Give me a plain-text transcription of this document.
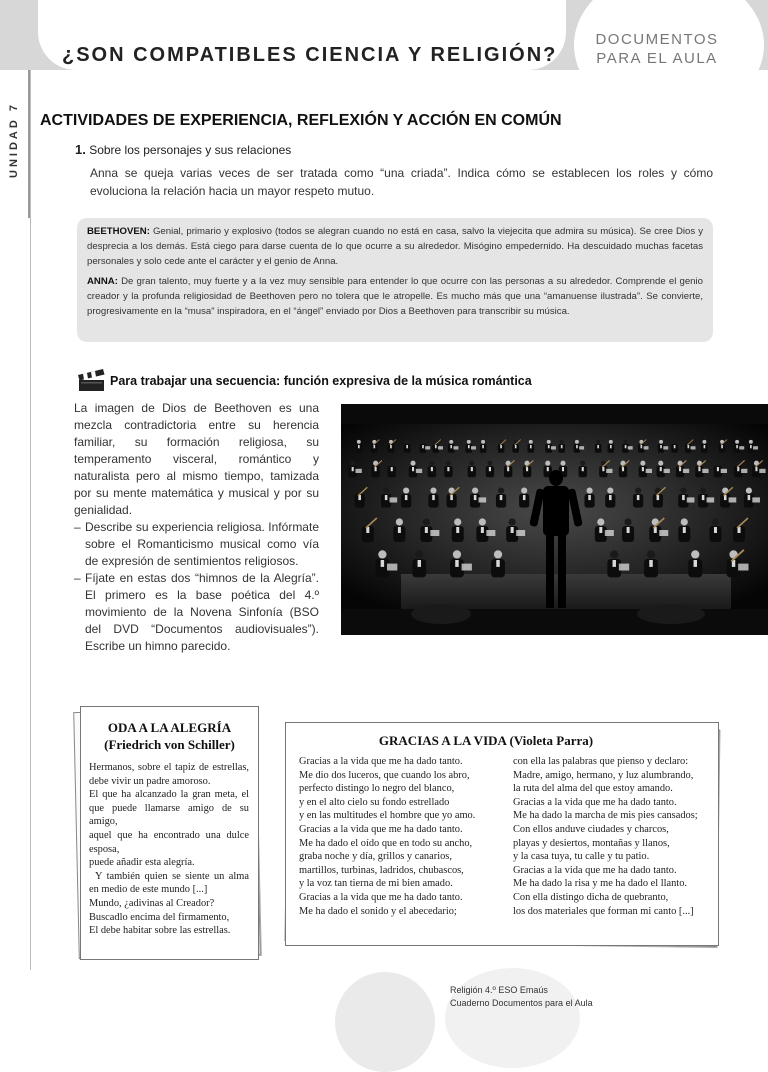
¿SON COMPATIBLES CIENCIA Y RELIGIÓN?
DOCUMENTOS
PARA EL AULA
UNIDAD 7 ACTIVIDADES DE EXPERIENCIA, REFLEXIÓN Y ACCIÓN EN COMÚN
1. Sobre los personajes y sus relaciones
Anna se queja varias veces de ser tratada como “una criada”. Indica cómo se establecen los roles y cómo evoluciona la relación hacia un mayor respeto mutuo.

BEETHOVEN: Genial, primario y explosivo (todos se alegran cuando no está en casa, salvo la viejecita que admira su música). Se cree Dios y desprecia a los demás. Está ciego para darse cuenta de lo que ocurre a su alrededor. Misógino empedernido. Ha descuidado muchas facetas personales y solo cede ante el carácter y el genio de Anna.

ANNA: De gran talento, muy fuerte y a la vez muy sensible para entender lo que ocurre con las personas a su alrededor. Comprende el genio creador y la profunda religiosidad de Beethoven pero no tolera que le atropelle. Es mucho más que una “amanuense ilustrada”. Se convierte, progresivamente en la “musa” inspiradora, en el “ángel” enviado por Dios a Beethoven para transcribir su música.

Para trabajar una secuencia: función expresiva de la música romántica

La imagen de Dios de Beethoven es una mezcla contradictoria entre su herencia familiar, su formación religiosa, su temperamento visceral, romántico y naturalista pero al mismo tiempo, tamizada por su mente matemática y musical y por su genialidad.

– Describe su experiencia religiosa. Infórmate sobre el Romanticismo musical como vía de expresión de sentimientos religiosos.
– Fíjate en estas dos “himnos de la Alegría”. El primero es la base poética del 4.º movimiento de la Novena Sinfonía (BSO del DVD “Documentos audiovisuales”). Escribe un himno parecido.
ODA A LA ALEGRÍA
(Friedrich von Schiller)

Hermanos, sobre el tapiz de estrellas, debe vivir un padre amoroso.

El que ha alcanzado la gran meta, el que puede llamarse amigo de su amigo,

aquel que ha encontrado una dulce esposa,

puede añadir esta alegría.

Y también quien se siente un alma en medio de este mundo [...]

Mundo, ¿adivinas al Creador?

Buscadlo encima del firmamento,

El debe habitar sobre las estrellas.

GRACIAS A LA VIDA (Violeta Parra)
Gracias a la vida que me ha dado tanto.
Me dio dos luceros, que cuando los abro,
perfecto distingo lo negro del blanco,
y en el alto cielo su fondo estrellado
y en las multitudes el hombre que yo amo.
Gracias a la vida que me ha dado tanto.
Me ha dado el oído que en todo su ancho,
graba noche y día, grillos y canarios,
martillos, turbinas, ladridos, chubascos,
y la voz tan tierna de mi bien amado.
Gracias a la vida que me ha dado tanto.
Me ha dado el sonido y el abecedario;
con ella las palabras que pienso y declaro:
Madre, amigo, hermano, y luz alumbrando,
la ruta del alma del que estoy amando.
Gracias a la vida que me ha dado tanto.
Me ha dado la marcha de mis pies cansados;
Con ellos anduve ciudades y charcos,
playas y desiertos, montañas y llanos,
y la casa tuya, tu calle y tu patio.
Gracias a la vida que me ha dado tanto.
Me ha dado la risa y me ha dado el llanto.
Con ella distingo dicha de quebranto,
los dos materiales que forman mi canto [...]
Religión 4.º ESO Emaús
Cuaderno Documentos para el Aula
